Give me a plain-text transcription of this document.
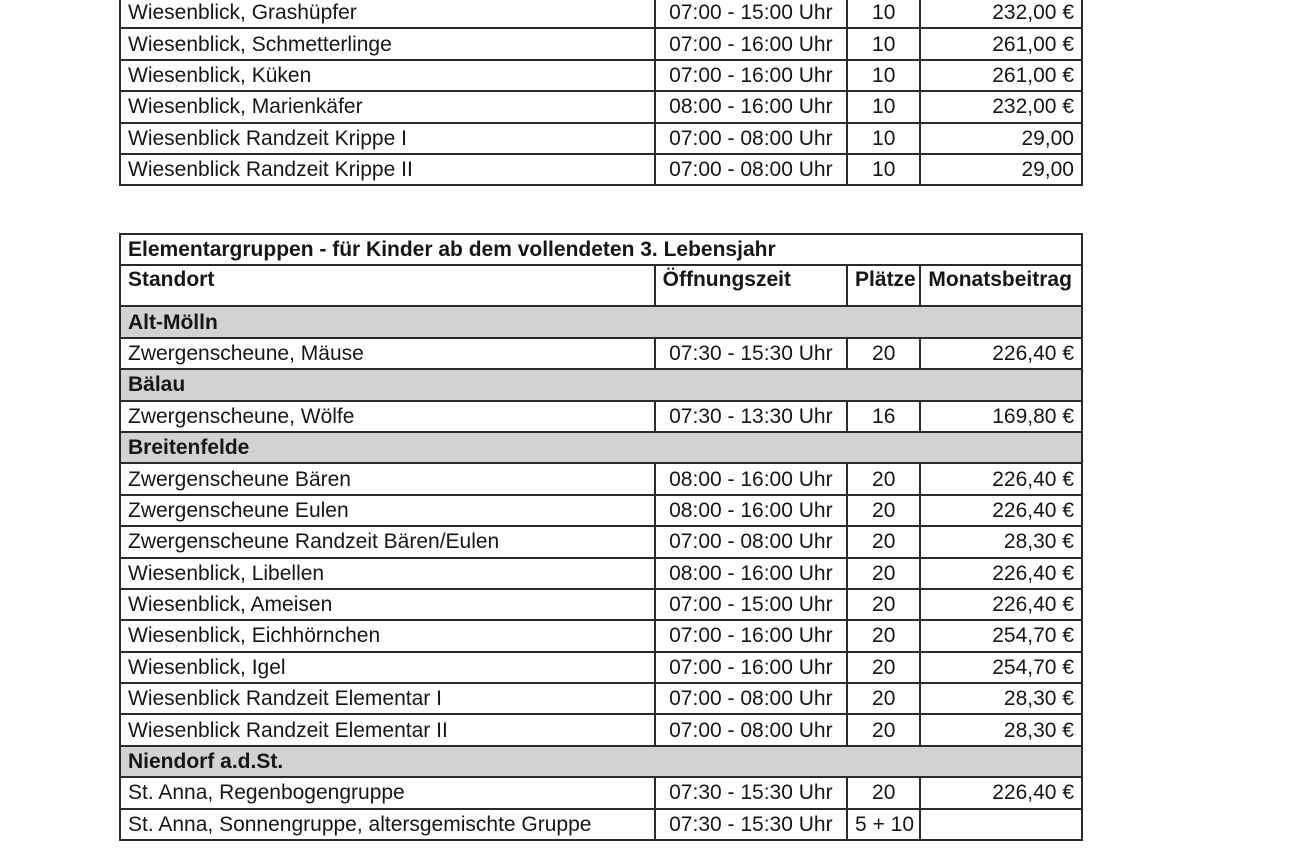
Wiesenblick, Grashüpfer	07:00 - 15:00 Uhr	10	232,00 €
Wiesenblick, Schmetterlinge	07:00 - 16:00 Uhr	10	261,00 €
Wiesenblick, Küken	07:00 - 16:00 Uhr	10	261,00 €
Wiesenblick, Marienkäfer	08:00 - 16:00 Uhr	10	232,00 €
Wiesenblick Randzeit Krippe I	07:00 - 08:00 Uhr	10	29,00
Wiesenblick Randzeit Krippe II	07:00 - 08:00 Uhr	10	29,00
Elementargruppen - für Kinder ab dem vollendeten 3. Lebensjahr			
Standort	Öffnungszeit	Plätze	Monatsbeitrag
Alt-Mölln			
Zwergenscheune, Mäuse	07:30 - 15:30 Uhr	20	226,40 €
Bälau			
Zwergenscheune, Wölfe	07:30 - 13:30 Uhr	16	169,80 €
Breitenfelde			
Zwergenscheune Bären	08:00 - 16:00 Uhr	20	226,40 €
Zwergenscheune Eulen	08:00 - 16:00 Uhr	20	226,40 €
Zwergenscheune Randzeit Bären/Eulen	07:00 - 08:00 Uhr	20	28,30 €
Wiesenblick, Libellen	08:00 - 16:00 Uhr	20	226,40 €
Wiesenblick, Ameisen	07:00 - 15:00 Uhr	20	226,40 €
Wiesenblick, Eichhörnchen	07:00 - 16:00 Uhr	20	254,70 €
Wiesenblick, Igel	07:00 - 16:00 Uhr	20	254,70 €
Wiesenblick Randzeit Elementar I	07:00 - 08:00 Uhr	20	28,30 €
Wiesenblick Randzeit Elementar II	07:00 - 08:00 Uhr	20	28,30 €
Niendorf a.d.St.			
St. Anna, Regenbogengruppe	07:30 - 15:30 Uhr	20	226,40 €
St. Anna, Sonnengruppe, altersgemischte Gruppe	07:30 - 15:30 Uhr	5 + 10	
